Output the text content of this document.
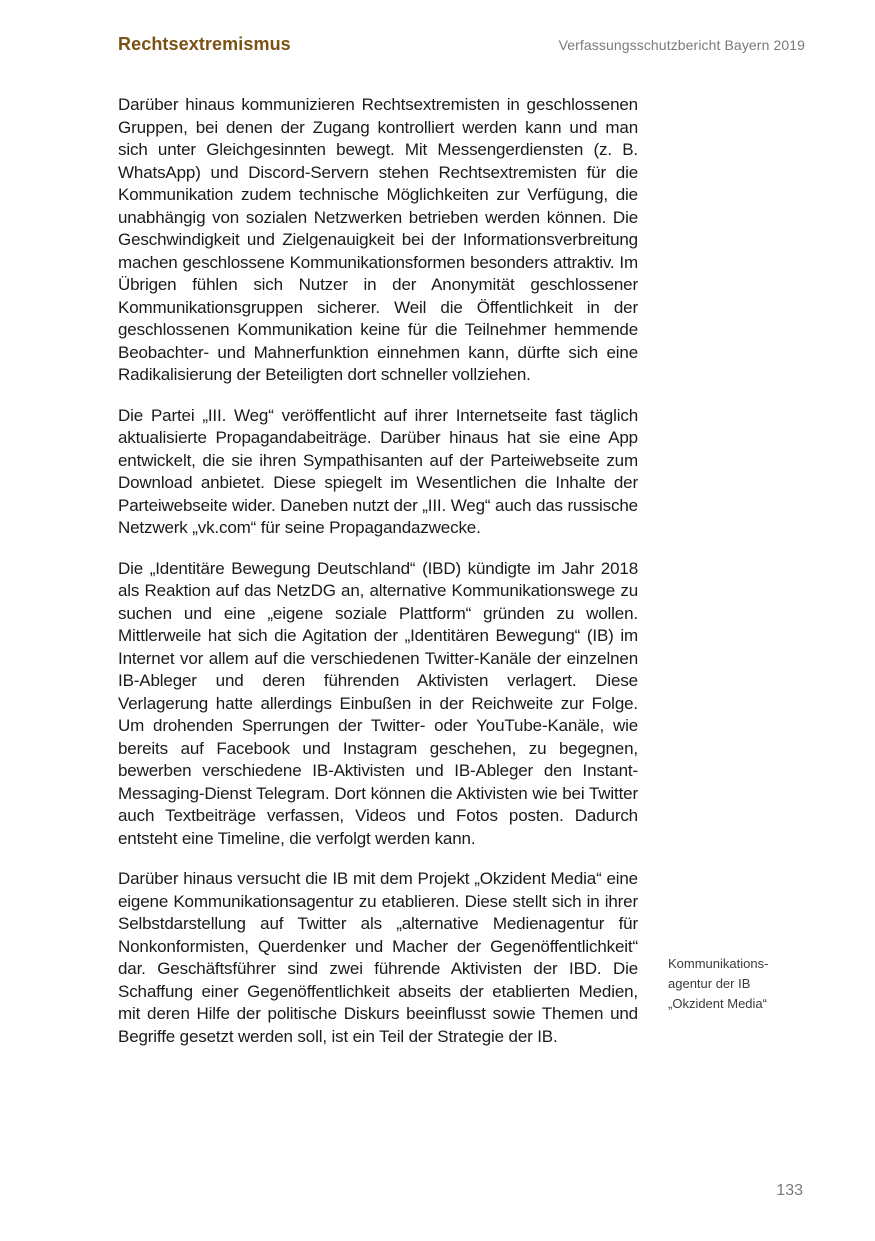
Rechtsextremismus	Verfassungsschutzbericht Bayern 2019

Darüber hinaus kommunizieren Rechtsextremisten in geschlossenen Gruppen, bei denen der Zugang kontrolliert werden kann und man sich unter Gleichgesinnten bewegt. Mit Messengerdiensten (z. B. WhatsApp) und Discord-Servern stehen Rechtsextremisten für die Kommunikation zudem technische Möglichkeiten zur Verfügung, die unabhängig von sozialen Netzwerken betrieben werden können. Die Geschwindigkeit und Zielgenauigkeit bei der Informationsverbreitung machen geschlossene Kommunikationsformen besonders attraktiv. Im Übrigen fühlen sich Nutzer in der Anonymität geschlossener Kommunikationsgruppen sicherer. Weil die Öffentlichkeit in der geschlossenen Kommunikation keine für die Teilnehmer hemmende Beobachter- und Mahnerfunktion einnehmen kann, dürfte sich eine Radikalisierung der Beteiligten dort schneller vollziehen.

Die Partei „III. Weg“ veröffentlicht auf ihrer Internetseite fast täglich aktualisierte Propagandabeiträge. Darüber hinaus hat sie eine App entwickelt, die sie ihren Sympathisanten auf der Parteiwebseite zum Download anbietet. Diese spiegelt im Wesentlichen die Inhalte der Parteiwebseite wider. Daneben nutzt der „III. Weg“ auch das russische Netzwerk „vk.com“ für seine Propagandazwecke.

Die „Identitäre Bewegung Deutschland“ (IBD) kündigte im Jahr 2018 als Reaktion auf das NetzDG an, alternative Kommunikationswege zu suchen und eine „eigene soziale Plattform“ gründen zu wollen. Mittlerweile hat sich die Agitation der „Identitären Bewegung“ (IB) im Internet vor allem auf die verschiedenen Twitter-Kanäle der einzelnen IB-Ableger und deren führenden Aktivisten verlagert. Diese Verlagerung hatte allerdings Einbußen in der Reichweite zur Folge. Um drohenden Sperrungen der Twitter- oder YouTube-Kanäle, wie bereits auf Facebook und Instagram geschehen, zu begegnen, bewerben verschiedene IB-Aktivisten und IB-Ableger den Instant-Messaging-Dienst Telegram. Dort können die Aktivisten wie bei Twitter auch Textbeiträge verfassen, Videos und Fotos posten. Dadurch entsteht eine Timeline, die verfolgt werden kann.

Darüber hinaus versucht die IB mit dem Projekt „Okzident Media“ eine eigene Kommunikationsagentur zu etablieren. Diese stellt sich in ihrer Selbstdarstellung auf Twitter als „alternative Medienagentur für Nonkonformisten, Querdenker und Macher der Gegenöffentlichkeit“ dar. Geschäftsführer sind zwei führende Aktivisten der IBD. Die Schaffung einer Gegenöffentlichkeit abseits der etablierten Medien, mit deren Hilfe der politische Diskurs beeinflusst sowie Themen und Begriffe gesetzt werden soll, ist ein Teil der Strategie der IB.

Kommunikations-
agentur der IB
„Okzident Media“
133
